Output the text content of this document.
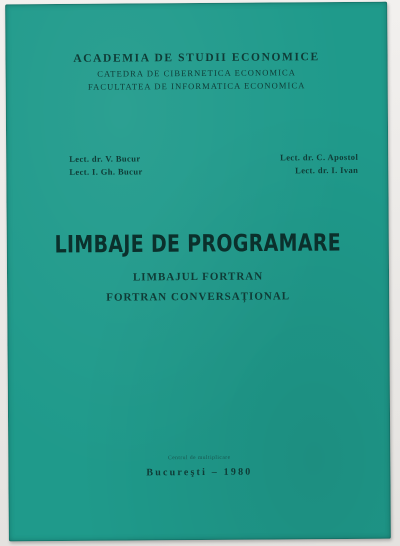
ACADEMIA DE STUDII ECONOMICE
CATEDRA DE CIBERNETICA ECONOMICA
FACULTATEA DE INFORMATICA ECONOMICA
Lect. dr. V. Bucur
Lect. I. Gh. Bucur
Lect. dr. C. Apostol
Lect. dr. I. Ivan
LIMBAJE DE PROGRAMARE
LIMBAJUL FORTRAN
FORTRAN CONVERSAȚIONAL
Centrul de multiplicare
Bucureşti – 1980
